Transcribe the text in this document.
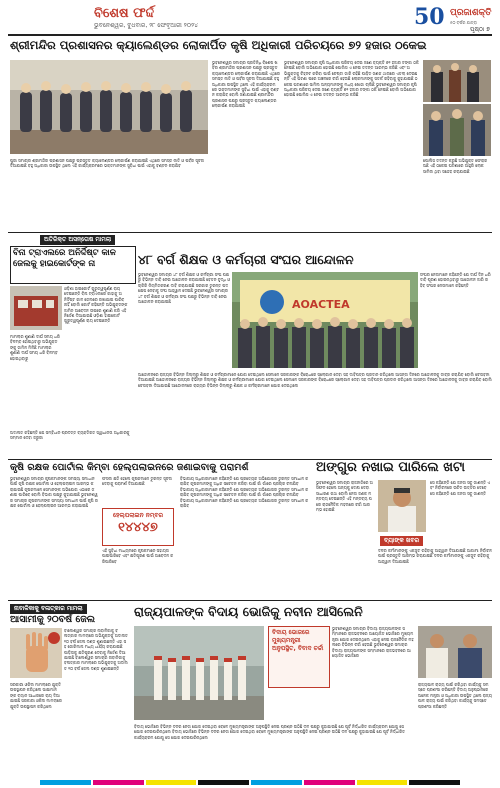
ବିଶେଷ ଫର୍ଦ୍ଦ
ଭୁବନେଶ୍ୱର, ବୁଧବାର, ୨୮ ଫେବୃଆରୀ ୨୦୨୪	50 ପ୍ରଜାଶକ୍ତି
୫୦ ବର୍ଷର ଯାତ୍ରା
ପୃଷ୍ଠା ୭
ଶ୍ରୀମନ୍ଦିର ପ୍ରଶାସନର କ୍ୟାଲେଣ୍ଡର ଲୋକାର୍ପିତ କୃଷି ଅଧିକାରୀ ପରିଚୟରେ ୭୨ ହଜାର ଠକେଇ
ଭୁବନେଶ୍ୱର ସମାଚାର ପ୍ରତିନିଧି ବିଶେଷ ଖବର ଶ୍ରୀମନ୍ଦିର ପ୍ରଶାସନ ପକ୍ଷରୁ ପ୍ରସ୍ତୁତ କ୍ୟାଲେଣ୍ଡର ଲୋକାର୍ପଣ କରାଯାଇଛି ଏଥିରେ ସମସ୍ତ ନୀତି ଓ ପର୍ବର ସୂଚନା ଦିଆଯାଇଛି ବହୁ ଅଧିକାରୀ ଉପସ୍ଥିତ ଥିଲେ ଏହି କାର୍ଯ୍ୟକ୍ରମରେ ଭକ୍ତମାନଙ୍କ ସୁବିଧା ପାଇଁ ଏହାକୁ ବଣ୍ଟନ କରାଯିବ ବୋଲି ଜଣାଯାଇଛି ଶ୍ରୀମନ୍ଦିର ପ୍ରଶାସନ ପକ୍ଷରୁ ପ୍ରସ୍ତୁତ କ୍ୟାଲେଣ୍ଡର ଲୋକାର୍ପଣ କରାଯାଇଛି
ଭୁବନେଶ୍ୱର ସମାଚାର କୃଷି ଅଧିକାରୀ ପରିଚୟ ଦେଇ ଜଣେ ବ୍ୟକ୍ତି ୭୨ ହଜାର ଟଙ୍କା ଠକି ନେଇଛି ବୋଲି ଅଭିଯୋଗ ହୋଇଛି ପୋଲିସ ଏ ନେଇ ତଦନ୍ତ ଆରମ୍ଭ କରିଛି ଏବଂ ଅଭିଯୁକ୍ତକୁ ଚିହ୍ନଟ କରିବା ପାଇଁ ଚେଷ୍ଟା ଜାରି ରହିଛି ପୀଡ଼ିତ ଜଣକ ଥାନାରେ ଏତଲା ଦେଇଛନ୍ତି ଏହି ଘଟଣା ପରେ ଅଞ୍ଚଳରେ ଚର୍ଚ୍ଚା ହେଉଛି ଲୋକମାନଙ୍କୁ ସତର୍କ ରହିବାକୁ କୁହାଯାଇଛି ଠକେଇ ଘଟଣାରେ ସାମିଲ ଅନ୍ୟମାନଙ୍କୁ ମଧ୍ୟ ଖୋଜା ଚାଲିଛି ଭୁବନେଶ୍ୱର ସମାଚାର କୃଷି ଅଧିକାରୀ ପରିଚୟ ଦେଇ ଜଣେ ବ୍ୟକ୍ତି ୭୨ ହଜାର ଟଙ୍କା ଠକି ନେଇଛି ବୋଲି ଅଭିଯୋଗ ହୋଇଛି ପୋଲିସ ଏ ନେଇ ତଦନ୍ତ ଆରମ୍ଭ କରିଛି
ପୋଲିସ ତଦନ୍ତ କରୁଛି ଅଭିଯୁକ୍ତ ଫେରାର ଅଛି ଏହି ଠକେଇ ଘଟଣାରେ ଆହୁରି ଲୋକ ସାମିଲ ଥିବା ସନ୍ଦେହ କରାଯାଉଛି
ପୁରୀ ସମାଚାର ଶ୍ରୀମନ୍ଦିର ପ୍ରଶାସନ ପକ୍ଷରୁ ପ୍ରସ୍ତୁତ କ୍ୟାଲେଣ୍ଡର ଲୋକାର୍ପଣ କରାଯାଇଛି ଏଥିରେ ସମସ୍ତ ନୀତି ଓ ପର୍ବର ସୂଚନା ଦିଆଯାଇଛି ବହୁ ଅଧିକାରୀ ଉପସ୍ଥିତ ଥିଲେ ଏହି କାର୍ଯ୍ୟକ୍ରମରେ ଭକ୍ତମାନଙ୍କ ସୁବିଧା ପାଇଁ ଏହାକୁ ବଣ୍ଟନ କରାଯିବ
ଅତିରିକ୍ତ ଅସନ୍ତୋଷ ମାମଲା
ବିନା ଟ୍ରାଏଲରେ ଅନିର୍ଦ୍ଦିଷ୍ଟ କାଳ ଜେଲକୁ ହାଇକୋର୍ଟଙ୍କ ନା
ଓଡ଼ିଶା ହାଇକୋର୍ଟ ଗୁରୁତ୍ୱପୂର୍ଣ୍ଣ ରାୟ ଦେଇଛନ୍ତି ବିନା ଟ୍ରାଏଲରେ କାହାକୁ ଅନିର୍ଦ୍ଦିଷ୍ଟ କାଳ ଜେଲରେ ରଖାଯାଇ ପାରିବ ନାହିଁ ବୋଲି କୋର୍ଟ କହିଛନ୍ତି ଅଭିଯୁକ୍ତଙ୍କ ଜାମିନ ଆବେଦନ ଉପରେ ଶୁଣାଣି କରି ଏହି ନିର୍ଦ୍ଦେଶ ଦିଆଯାଇଛି ଓଡ଼ିଶା ହାଇକୋର୍ଟ ଗୁରୁତ୍ୱପୂର୍ଣ୍ଣ ରାୟ ଦେଇଛନ୍ତି
ମାମଲାର ଶୁଣାଣି ଦୀର୍ଘ ସମୟ ଧରି ବିଳମ୍ବ ହୋଇଥିବାରୁ ଅଭିଯୁକ୍ତଙ୍କୁ ଜାମିନ ମିଳିଛି ମାମଲାର ଶୁଣାଣି ଦୀର୍ଘ ସମୟ ଧରି ବିଳମ୍ବ ହୋଇଥିବାରୁ
ଅଦାଲତ କହିଛନ୍ତି ଯେ ସମ୍ବିଧାନ ପ୍ରଦତ୍ତ ବ୍ୟକ୍ତିଗତ ସ୍ୱାଧୀନତା ଅଧିକାରକୁ ସମ୍ମାନ ଦେବା ଜରୁରୀ
୪୮ ବର୍ଗ ଶିକ୍ଷକ ଓ କର୍ମଚାରୀ ସଂଘର ଆନ୍ଦୋଳନ
ଭୁବନେଶ୍ୱର ସମାଚାର ୪୮ ବର୍ଗ ଶିକ୍ଷକ ଓ କର୍ମଚାରୀ ସଂଘ ପକ୍ଷରୁ ବିଭିନ୍ନ ଦାବି ନେଇ ଆନ୍ଦୋଳନ କରାଯାଇଛି ବେତନ ବୃଦ୍ଧି ଓ ଚାକିରି ନିୟମିତକରଣ ଦାବି କରାଯାଇଛି ସରକାର ତୁରନ୍ତ ପଦକ୍ଷେପ ନେବାକୁ ସଂଘ ଆହ୍ୱାନ ଦେଇଛି ଭୁବନେଶ୍ୱର ସମାଚାର ୪୮ ବର୍ଗ ଶିକ୍ଷକ ଓ କର୍ମଚାରୀ ସଂଘ ପକ୍ଷରୁ ବିଭିନ୍ନ ଦାବି ନେଇ ଆନ୍ଦୋଳନ କରାଯାଇଛି	AOACTEA
ସଂଘର ନେତାମାନେ କହିଛନ୍ତି ଯେ ଦୀର୍ଘ ଦିନ ଧରି ଦାବି ପୂରଣ ହୋଇନଥିବାରୁ ଆନ୍ଦୋଳନ ଜାରି ରହିବ ସଂଘର ନେତାମାନେ କହିଛନ୍ତି
ଆନ୍ଦୋଳନରେ ରାଜ୍ୟର ବିଭିନ୍ନ ଜିଲ୍ଲାରୁ ଶିକ୍ଷକ ଓ କର୍ମଚାରୀମାନେ ଯୋଗ ଦେଇଥିଲେ ସେମାନେ ସରକାରଙ୍କ ବିରୋଧରେ ସ୍ଲୋଗାନ ଦେବା ସହ ଦାବିପତ୍ର ପ୍ରଦାନ କରିଥିଲେ ଆସନ୍ତା ଦିନରେ ଆନ୍ଦୋଳନକୁ ତୀବ୍ର କରାଯିବ ବୋଲି ଚେତାବନୀ ଦିଆଯାଇଛି ଆନ୍ଦୋଳନରେ ରାଜ୍ୟର ବିଭିନ୍ନ ଜିଲ୍ଲାରୁ ଶିକ୍ଷକ ଓ କର୍ମଚାରୀମାନେ ଯୋଗ ଦେଇଥିଲେ ସେମାନେ ସରକାରଙ୍କ ବିରୋଧରେ ସ୍ଲୋଗାନ ଦେବା ସହ ଦାବିପତ୍ର ପ୍ରଦାନ କରିଥିଲେ ଆସନ୍ତା ଦିନରେ ଆନ୍ଦୋଳନକୁ ତୀବ୍ର କରାଯିବ ବୋଲି ଚେତାବନୀ ଦିଆଯାଇଛି ଆନ୍ଦୋଳନରେ ରାଜ୍ୟର ବିଭିନ୍ନ ଜିଲ୍ଲାରୁ ଶିକ୍ଷକ ଓ କର୍ମଚାରୀମାନେ ଯୋଗ ଦେଇଥିଲେ
କୃଷି ରକ୍ଷକ ପୋର୍ଟାଲ କିମ୍ବା ହେଲ୍ପଲାଇନରେ ଜଣାଇବାକୁ ପରାମର୍ଶ
ଭୁବନେଶ୍ୱର ସମାଚାର କୃଷକମାନଙ୍କ ସମସ୍ୟା ସମାଧାନ ପାଇଁ କୃଷି ରକ୍ଷକ ପୋର୍ଟାଲ ଓ ହେଲ୍ପଲାଇନ ଆରମ୍ଭ କରାଯାଇଛି କୃଷକମାନେ ସେମାନଙ୍କ ଅଭିଯୋଗ ଏଠାରେ ଜଣାଇ ପାରିବେ ବୋଲି ବିଭାଗ ପକ୍ଷରୁ କୁହାଯାଇଛି ଭୁବନେଶ୍ୱର ସମାଚାର କୃଷକମାନଙ୍କ ସମସ୍ୟା ସମାଧାନ ପାଇଁ କୃଷି ରକ୍ଷକ ପୋର୍ଟାଲ ଓ ହେଲ୍ପଲାଇନ ଆରମ୍ଭ କରାଯାଇଛି
ହେଲ୍ପଲାଇନ ନମ୍ବର
୧୪୪୪୭
ଫସଲ କ୍ଷତି ହେଲେ କୃଷକମାନେ ତୁରନ୍ତ ସୂଚନା ଦେବାକୁ ପରାମର୍ଶ ଦିଆଯାଇଛି
ଏହି ସୁବିଧା ମାଧ୍ୟମରେ କୃଷକମାନେ ସହାୟତା ପାଇପାରିବେ ଏବଂ କ୍ଷତିପୂରଣ ପାଇଁ ଆବେଦନ କରିପାରିବେ
ବିଭାଗୀୟ ଅଧିକାରୀମାନେ କହିଛନ୍ତି ଯେ ପ୍ରତ୍ୟେକ ଅଭିଯୋଗର ତୁରନ୍ତ ସମାଧାନ କରାଯିବ କୃଷକମାନଙ୍କୁ ଅଧିକ ସଚେତନ କରିବା ପାଇଁ ଗାଁ ଗାଁରେ ପ୍ରଚାର ଚଳାଯିବ ବିଭାଗୀୟ ଅଧିକାରୀମାନେ କହିଛନ୍ତି ଯେ ପ୍ରତ୍ୟେକ ଅଭିଯୋଗର ତୁରନ୍ତ ସମାଧାନ କରାଯିବ କୃଷକମାନଙ୍କୁ ଅଧିକ ସଚେତନ କରିବା ପାଇଁ ଗାଁ ଗାଁରେ ପ୍ରଚାର ଚଳାଯିବ ବିଭାଗୀୟ ଅଧିକାରୀମାନେ କହିଛନ୍ତି ଯେ ପ୍ରତ୍ୟେକ ଅଭିଯୋଗର ତୁରନ୍ତ ସମାଧାନ କରାଯିବ
ଅଙ୍ଗୁର ନଖାଇ ପାରିଲେ ଖଟା
ଭୁବନେଶ୍ୱର ସମାଚାର ରାଜନୀତିରେ ଅସଫଳ ହେଲେ ଅନ୍ୟକୁ ଦୋଷ ଦେବା ସାଧାରଣ କଥା ବୋଲି ନେତା ଜଣକ ମନ୍ତବ୍ୟ ଦେଇଛନ୍ତି ଏହି ମନ୍ତବ୍ୟ ପରେ ରାଜନୈତିକ ମହଲରେ ଚର୍ଚ୍ଚା ଆରମ୍ଭ ହୋଇଛି
ସେ କହିଛନ୍ତି ଯେ ଜନତା ସବୁ ଜାଣନ୍ତି ଏବଂ ନିର୍ବାଚନରେ ଉଚିତ ଉତ୍ତର ଦେବେ ସେ କହିଛନ୍ତି ଯେ ଜନତା ସବୁ ଜାଣନ୍ତି
ବ୍ୟାଙ୍କ ଖବର
ଦଳର କର୍ମୀମାନଙ୍କୁ ଏକଜୁଟ ରହିବାକୁ ଆହ୍ୱାନ ଦିଆଯାଇଛି ଆଗାମୀ ନିର୍ବାଚନ ପାଇଁ ପ୍ରସ୍ତୁତି ଆରମ୍ଭ କରାଯାଇଛି ଦଳର କର୍ମୀମାନଙ୍କୁ ଏକଜୁଟ ରହିବାକୁ ଆହ୍ୱାନ ଦିଆଯାଇଛି
ନାବାଳିକାକୁ ବଳାତ୍କାର ମାମଲା
ଆସାମୀକୁ ୨୦ବର୍ଷ ଜେଲ
ବାଲେଶ୍ୱର ସମାଚାର ନାବାଳିକାକୁ ବଳାତ୍କାର ମାମଲାରେ ଅଭିଯୁକ୍ତକୁ ଅଦାଲତ ୨୦ ବର୍ଷ ଜେଲ ଦଣ୍ଡ ଶୁଣାଇଛନ୍ତି ଏହା ସହ ଜୋରିମାନା ମଧ୍ୟ ଧାର୍ଯ୍ୟ କରାଯାଇଛି ପୀଡ଼ିତାକୁ କ୍ଷତିପୂରଣ ଦେବାକୁ ନିର୍ଦ୍ଦେଶ ଦିଆଯାଇଛି ବାଲେଶ୍ୱର ସମାଚାର ନାବାଳିକାକୁ ବଳାତ୍କାର ମାମଲାରେ ଅଭିଯୁକ୍ତକୁ ଅଦାଲତ ୨୦ ବର୍ଷ ଜେଲ ଦଣ୍ଡ ଶୁଣାଇଛନ୍ତି
ସରକାରୀ ଓକିଲ ମାମଲାରେ ଯୁକ୍ତି ଉପସ୍ଥାପନ କରିଥିଲେ ସାକ୍ଷୀମାନଙ୍କ ବୟାନ ଆଧାରରେ ରାୟ ଦିଆଯାଇଛି ସରକାରୀ ଓକିଲ ମାମଲାରେ ଯୁକ୍ତି ଉପସ୍ଥାପନ କରିଥିଲେ
ରାଜ୍ୟପାଳଙ୍କ ବିଦାୟ ଭୋଜିକୁ ନବୀନ ଆସିଲେନି
ବିଦାୟ ଭୋଜରେ ମୁଖ୍ୟମନ୍ତ୍ରୀ ଅନୁପସ୍ଥିତ, ବିବାଦ ଚର୍ଚ୍ଚା
ଭୁବନେଶ୍ୱର ସମାଚାର ବିଦାୟୀ ରାଜ୍ୟପାଳଙ୍କ ସମ୍ମାନରେ ରାଜଭବନରେ ଆୟୋଜିତ ଭୋଜିରେ ମୁଖ୍ୟମନ୍ତ୍ରୀ ଯୋଗ ଦେଇନଥିଲେ ଏହାକୁ ନେଇ ରାଜନୈତିକ ମହଲରେ ବିଭିନ୍ନ ଚର୍ଚ୍ଚା ହେଉଛି ଭୁବନେଶ୍ୱର ସମାଚାର ବିଦାୟୀ ରାଜ୍ୟପାଳଙ୍କ ସମ୍ମାନରେ ରାଜଭବନରେ ଆୟୋଜିତ ଭୋଜିରେ
ରାଜ୍ୟପାଳ ରାଜ୍ୟ ପାଇଁ କରିଥିବା କାର୍ଯ୍ୟକୁ ସମସ୍ତେ ପ୍ରଶଂସା କରିଛନ୍ତି ବିଦାୟ ଅନୁଷ୍ଠାନରେ ଅନେକ ମନ୍ତ୍ରୀ ଓ ଅଧିକାରୀ ଉପସ୍ଥିତ ଥିଲେ ରାଜ୍ୟପାଳ ରାଜ୍ୟ ପାଇଁ କରିଥିବା କାର୍ଯ୍ୟକୁ ସମସ୍ତେ ପ୍ରଶଂସା କରିଛନ୍ତି
ବିଦାୟ ଭୋଜିରେ ବିଭିନ୍ନ ଦଳର ନେତା ଯୋଗ ଦେଇଥିବା ବେଳେ ମୁଖ୍ୟମନ୍ତ୍ରୀଙ୍କ ଅନୁପସ୍ଥିତି ନେଇ ପ୍ରଶ୍ନ ଉଠିଛି ଦଳ ପକ୍ଷରୁ କୁହାଯାଇଛି ଯେ ପୂର୍ବ ନିର୍ଦ୍ଧାରିତ କାର୍ଯ୍ୟକ୍ରମ ଯୋଗୁ ସେ ଯୋଗ ଦେଇପାରିନଥିଲେ ବିଦାୟ ଭୋଜିରେ ବିଭିନ୍ନ ଦଳର ନେତା ଯୋଗ ଦେଇଥିବା ବେଳେ ମୁଖ୍ୟମନ୍ତ୍ରୀଙ୍କ ଅନୁପସ୍ଥିତି ନେଇ ପ୍ରଶ୍ନ ଉଠିଛି ଦଳ ପକ୍ଷରୁ କୁହାଯାଇଛି ଯେ ପୂର୍ବ ନିର୍ଦ୍ଧାରିତ କାର୍ଯ୍ୟକ୍ରମ ଯୋଗୁ ସେ ଯୋଗ ଦେଇପାରିନଥିଲେ
